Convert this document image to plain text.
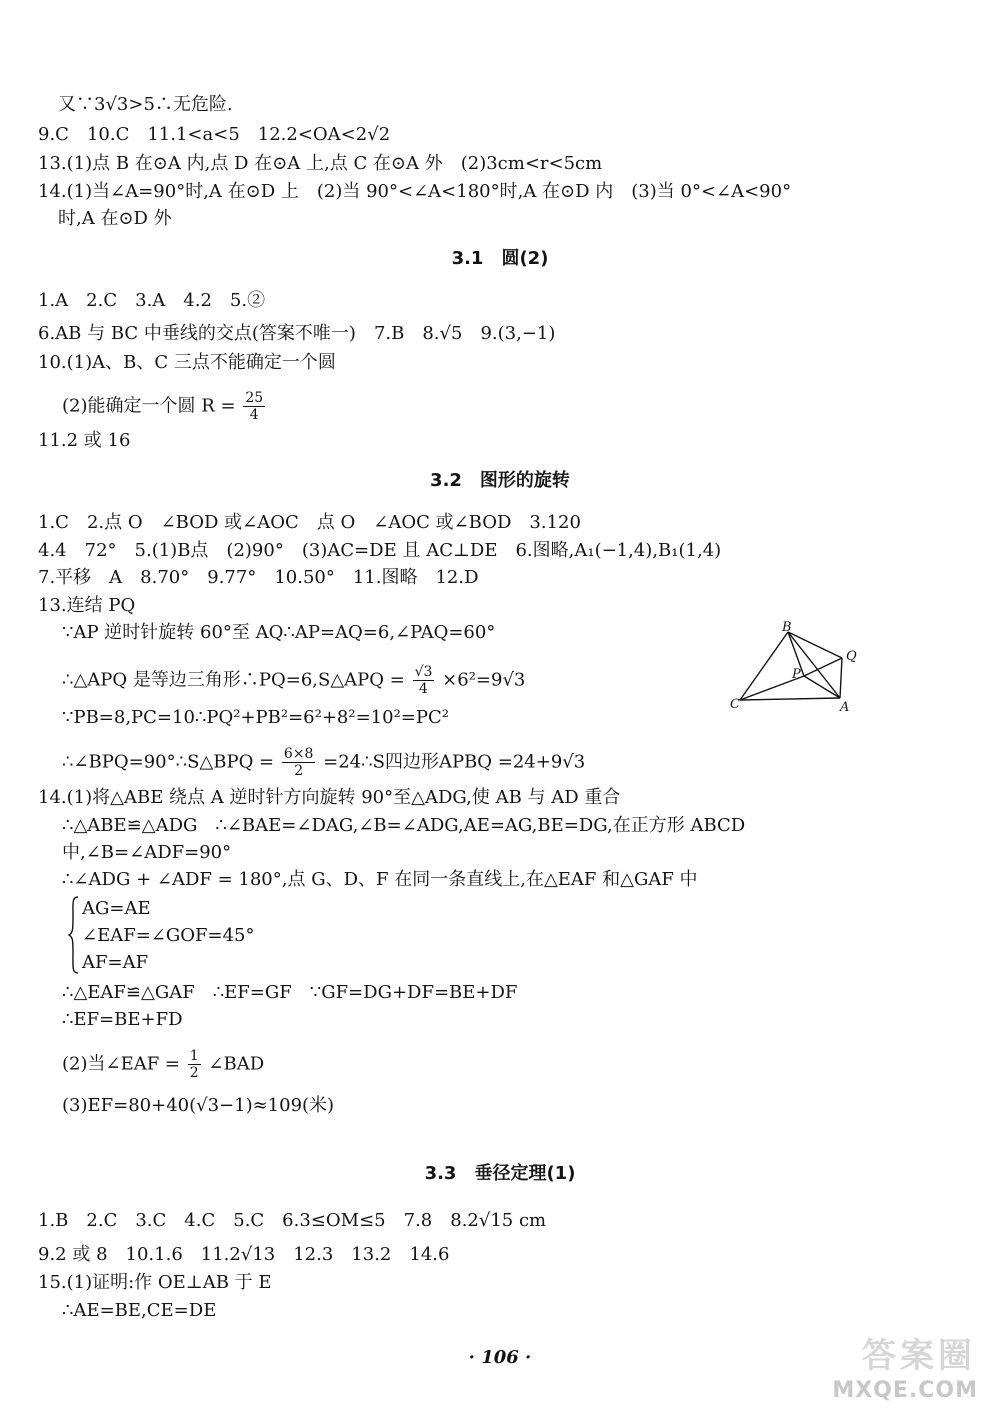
又∵3√3>5∴无危险.
9.C　10.C　11.1<a<5　12.2<OA<2√2
13.(1)点 B 在⊙A 内,点 D 在⊙A 上,点 C 在⊙A 外　(2)3cm<r<5cm
14.(1)当∠A=90°时,A 在⊙D 上　(2)当 90°<∠A<180°时,A 在⊙D 内　(3)当 0°<∠A<90°
时,A 在⊙D 外
3.1　圆(2)
1.A　2.C　3.A　4.2　5.②
6.AB 与 BC 中垂线的交点(答案不唯一)　7.B　8.√5　9.(3,−1)
10.(1)A、B、C 三点不能确定一个圆
(2)能确定一个圆 $R = \frac{25}{4}$
11.2 或 16
3.2　图形的旋转
1.C　2.点 O　∠BOD 或∠AOC　点 O　∠AOC 或∠BOD　3.120
4.4　72°　5.(1)B点　(2)90°　(3)AC=DE 且 AC⊥DE　6.图略,A₁(−1,4),B₁(1,4)
7.平移　A　8.70°　9.77°　10.50°　11.图略　12.D
13.连结 PQ
∵AP 逆时针旋转 60°至 AQ∴AP=AQ=6,∠PAQ=60°
∴△APQ 是等边三角形∴PQ=6,S△APQ = $\frac{√3}{4} \times 6^2=9√3$
∵PB=8,PC=10∴PQ²+PB²=6²+8²=10²=PC²
∴∠BPQ=90°∴S△BPQ = $\frac{6\times 8}{2}$ =24∴S四边形APBQ =24+9√3
B
Q
P
C	A
14.(1)将△ABE 绕点 A 逆时针方向旋转 90°至△ADG,使 AB 与 AD 重合
∴△ABE≌△ADG　∴∠BAE=∠DAG,∠B=∠ADG,AE=AG,BE=DG,在正方形 ABCD
中,∠B=∠ADF=90°
∴∠ADG + ∠ADF = 180°,点 G、D、F 在同一条直线上,在△EAF 和△GAF 中
AG=AE
∠EAF=∠GOF=45°
AF=AF
∴△EAF≌△GAF　∴EF=GF　∵GF=DG+DF=BE+DF
∴EF=BE+FD
(2)当∠EAF = $\frac{1}{2}$ ∠BAD
(3)EF=80+40(√3−1)≈109(米)
3.3　垂径定理(1)
1.B　2.C　3.C　4.C　5.C　6.3≤OM≤5　7.8　8.2√15 cm
9.2 或 8　10.1.6　11.2√13　12.3　13.2　14.6
15.(1)证明:作 OE⊥AB 于 E
∴AE=BE,CE=DE
· 106 ·	答案圈
MXQE.COM
